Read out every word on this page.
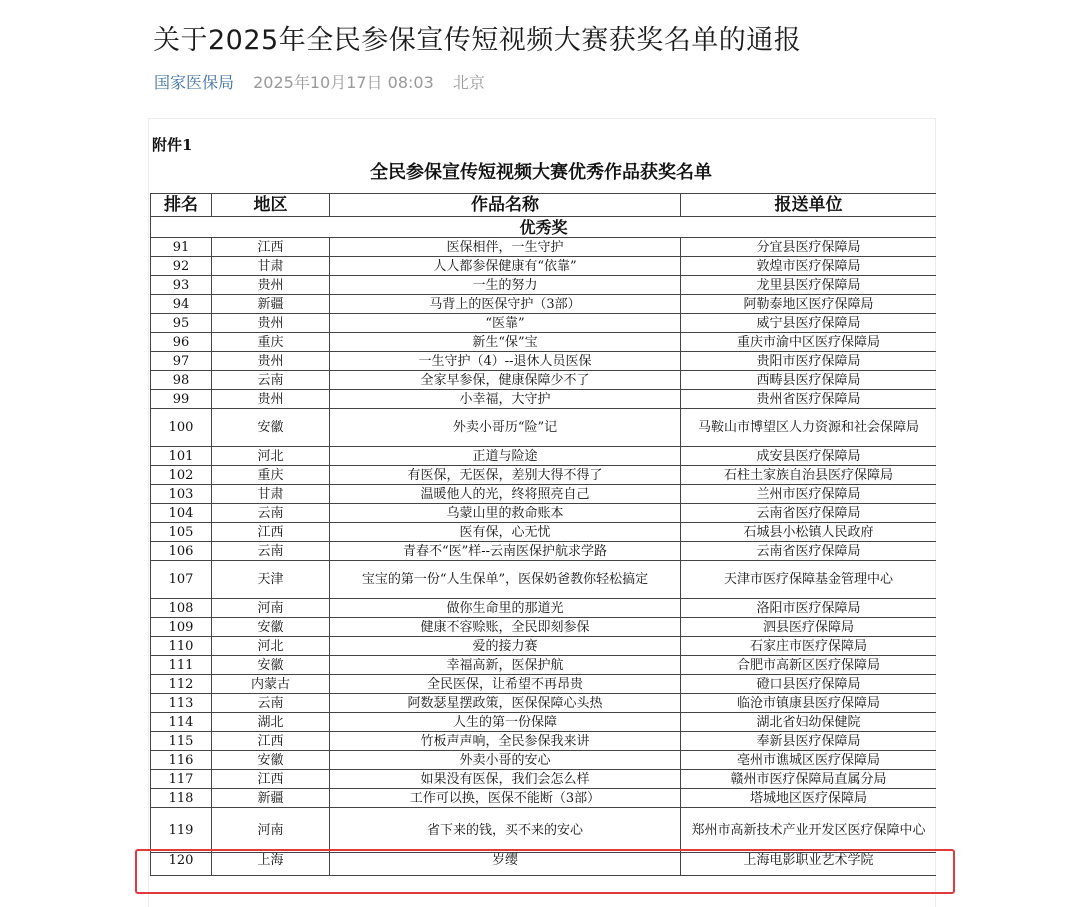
关于2025年全民参保宣传短视频大赛获奖名单的通报
国家医保局 2025年10月17日 08:03 北京
附件1
全民参保宣传短视频大赛优秀作品获奖名单
排名	地区	作品名称	报送单位
优秀奖			
91	江西	医保相伴，一生守护	分宜县医疗保障局
92	甘肃	人人都参保健康有“依靠”	敦煌市医疗保障局
93	贵州	一生的努力	龙里县医疗保障局
94	新疆	马背上的医保守护（3部）	阿勒泰地区医疗保障局
95	贵州	“医靠”	威宁县医疗保障局
96	重庆	新生“保”宝	重庆市渝中区医疗保障局
97	贵州	一生守护（4）--退休人员医保	贵阳市医疗保障局
98	云南	全家早参保，健康保障少不了	西畴县医疗保障局
99	贵州	小幸福，大守护	贵州省医疗保障局
100	安徽	外卖小哥历“险”记	马鞍山市博望区人力资源和社会保障局
101	河北	正道与险途	成安县医疗保障局
102	重庆	有医保，无医保，差别大得不得了	石柱土家族自治县医疗保障局
103	甘肃	温暖他人的光，终将照亮自己	兰州市医疗保障局
104	云南	乌蒙山里的救命账本	云南省医疗保障局
105	江西	医有保，心无忧	石城县小松镇人民政府
106	云南	青春不“医”样--云南医保护航求学路	云南省医疗保障局
107	天津	宝宝的第一份“人生保单”，医保奶爸教你轻松搞定	天津市医疗保障基金管理中心
108	河南	做你生命里的那道光	洛阳市医疗保障局
109	安徽	健康不容赊账，全民即刻参保	泗县医疗保障局
110	河北	爱的接力赛	石家庄市医疗保障局
111	安徽	幸福高新，医保护航	合肥市高新区医疗保障局
112	内蒙古	全民医保，让希望不再昂贵	磴口县医疗保障局
113	云南	阿数瑟星摆政策，医保保障心头热	临沧市镇康县医疗保障局
114	湖北	人生的第一份保障	湖北省妇幼保健院
115	江西	竹板声声响，全民参保我来讲	奉新县医疗保障局
116	安徽	外卖小哥的安心	亳州市谯城区医疗保障局
117	江西	如果没有医保，我们会怎么样	赣州市医疗保障局直属分局
118	新疆	工作可以换，医保不能断（3部）	塔城地区医疗保障局
119	河南	省下来的钱，买不来的安心	郑州市高新技术产业开发区医疗保障中心
120	上海	岁缨	上海电影职业艺术学院
